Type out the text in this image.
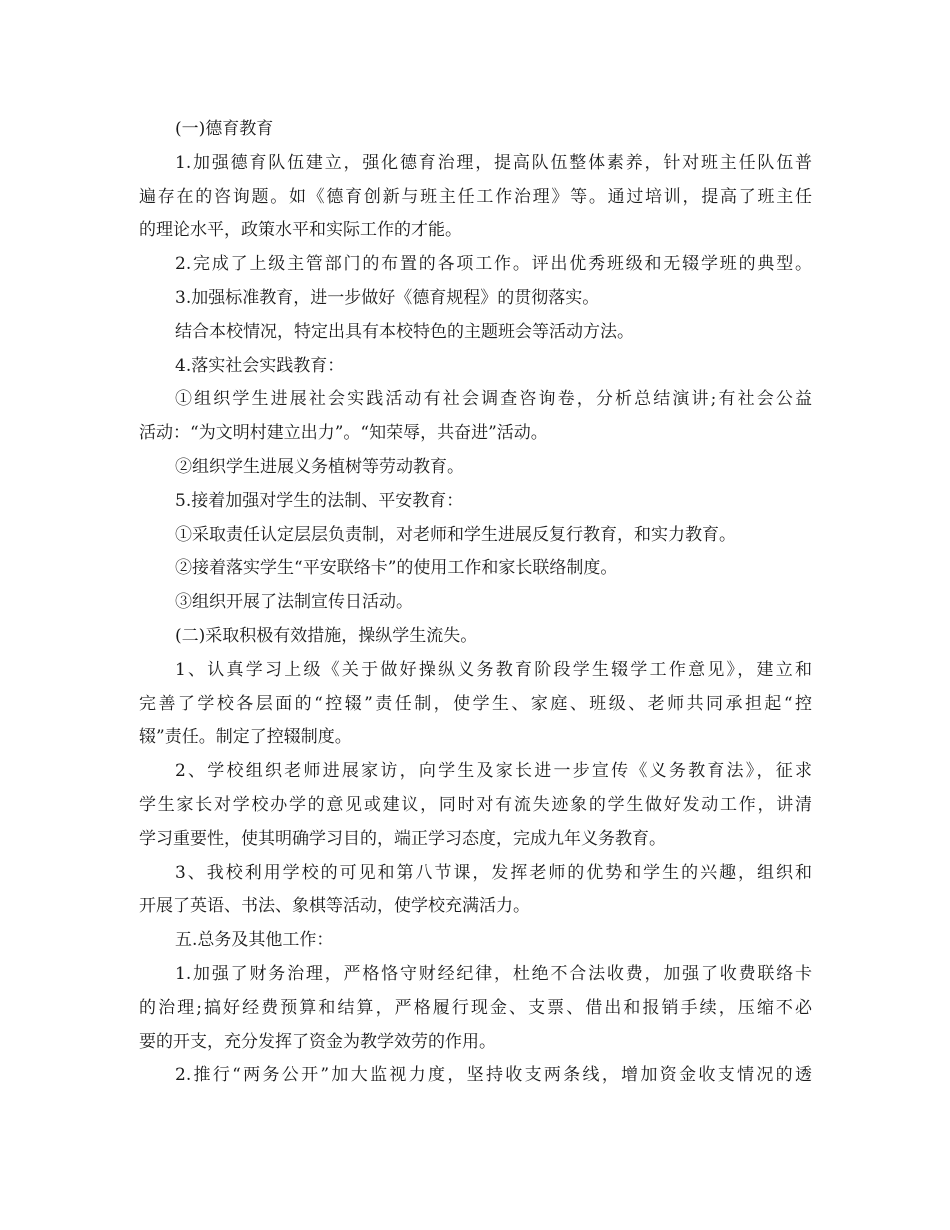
(一)德育教育
1.加强德育队伍建立，强化德育治理，提高队伍整体素养，针对班主任队伍普
遍存在的咨询题。如《德育创新与班主任工作治理》等。通过培训，提高了班主任
的理论水平，政策水平和实际工作的才能。
2.完成了上级主管部门的布置的各项工作。评出优秀班级和无辍学班的典型。
3.加强标准教育，进一步做好《德育规程》的贯彻落实。
结合本校情况，特定出具有本校特色的主题班会等活动方法。
4.落实社会实践教育：
①组织学生进展社会实践活动有社会调查咨询卷，分析总结演讲;有社会公益
活动：“为文明村建立出力”。“知荣辱，共奋进”活动。
②组织学生进展义务植树等劳动教育。
5.接着加强对学生的法制、平安教育：
①采取责任认定层层负责制，对老师和学生进展反复行教育，和实力教育。
②接着落实学生“平安联络卡”的使用工作和家长联络制度。
③组织开展了法制宣传日活动。
(二)采取积极有效措施，操纵学生流失。
1、认真学习上级《关于做好操纵义务教育阶段学生辍学工作意见》，建立和
完善了学校各层面的“控辍”责任制，使学生、家庭、班级、老师共同承担起“控
辍”责任。制定了控辍制度。
2、学校组织老师进展家访，向学生及家长进一步宣传《义务教育法》，征求
学生家长对学校办学的意见或建议，同时对有流失迹象的学生做好发动工作，讲清
学习重要性，使其明确学习目的，端正学习态度，完成九年义务教育。
3、我校利用学校的可见和第八节课，发挥老师的优势和学生的兴趣，组织和
开展了英语、书法、象棋等活动，使学校充满活力。
五.总务及其他工作：
1.加强了财务治理，严格恪守财经纪律，杜绝不合法收费，加强了收费联络卡
的治理;搞好经费预算和结算，严格履行现金、支票、借出和报销手续，压缩不必
要的开支，充分发挥了资金为教学效劳的作用。
2.推行“两务公开”加大监视力度，坚持收支两条线，增加资金收支情况的透
